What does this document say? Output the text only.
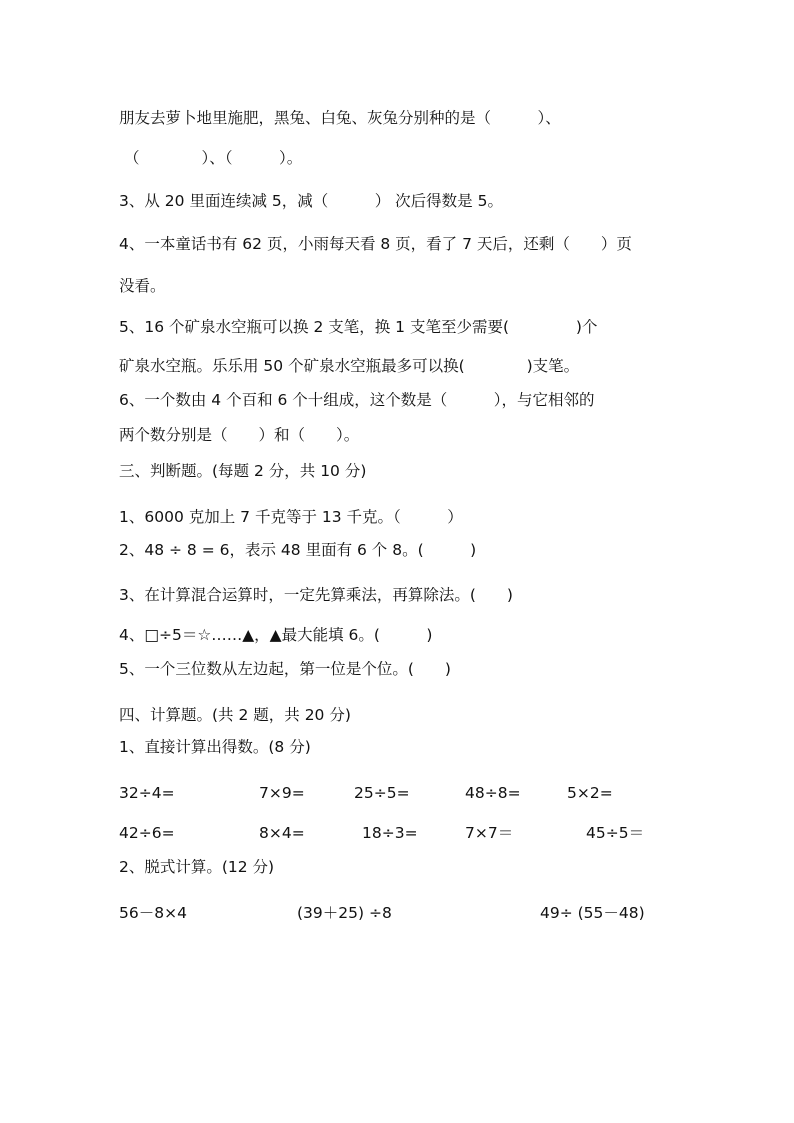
朋友去萝卜地里施肥，黑兔、白兔、灰兔分别种的是（　　　）、
（　　　　）、（　　　）。
3、从 20 里面连续减 5，减（　　　） 次后得数是 5。
4、一本童话书有 62 页，小雨每天看 8 页，看了 7 天后，还剩（　　）页
没看。
5、16 个矿泉水空瓶可以换 2 支笔，换 1 支笔至少需要(　　　　 )个
矿泉水空瓶。乐乐用 50 个矿泉水空瓶最多可以换(　　　　)支笔。
6、一个数由 4 个百和 6 个十组成，这个数是（　　　），与它相邻的
两个数分别是（　　）和（　　）。
三、判断题。(每题 2 分，共 10 分)
1、6000 克加上 7 千克等于 13 千克。（　　　）
2、48 ÷ 8 = 6，表示 48 里面有 6 个 8。(　　　)
3、在计算混合运算时，一定先算乘法，再算除法。(　　)
4、□÷5＝☆……▲，▲最大能填 6。(　　　)
5、一个三位数从左边起，第一位是个位。(　　)
四、计算题。(共 2 题，共 20 分)
1、直接计算出得数。(8 分)
32÷4=	7×9=	25÷5=	48÷8=	5×2=
42÷6=	8×4=	18÷3=	7×7＝	45÷5＝
2、脱式计算。(12 分)
56－8×4	(39＋25) ÷8	49÷ (55－48)
